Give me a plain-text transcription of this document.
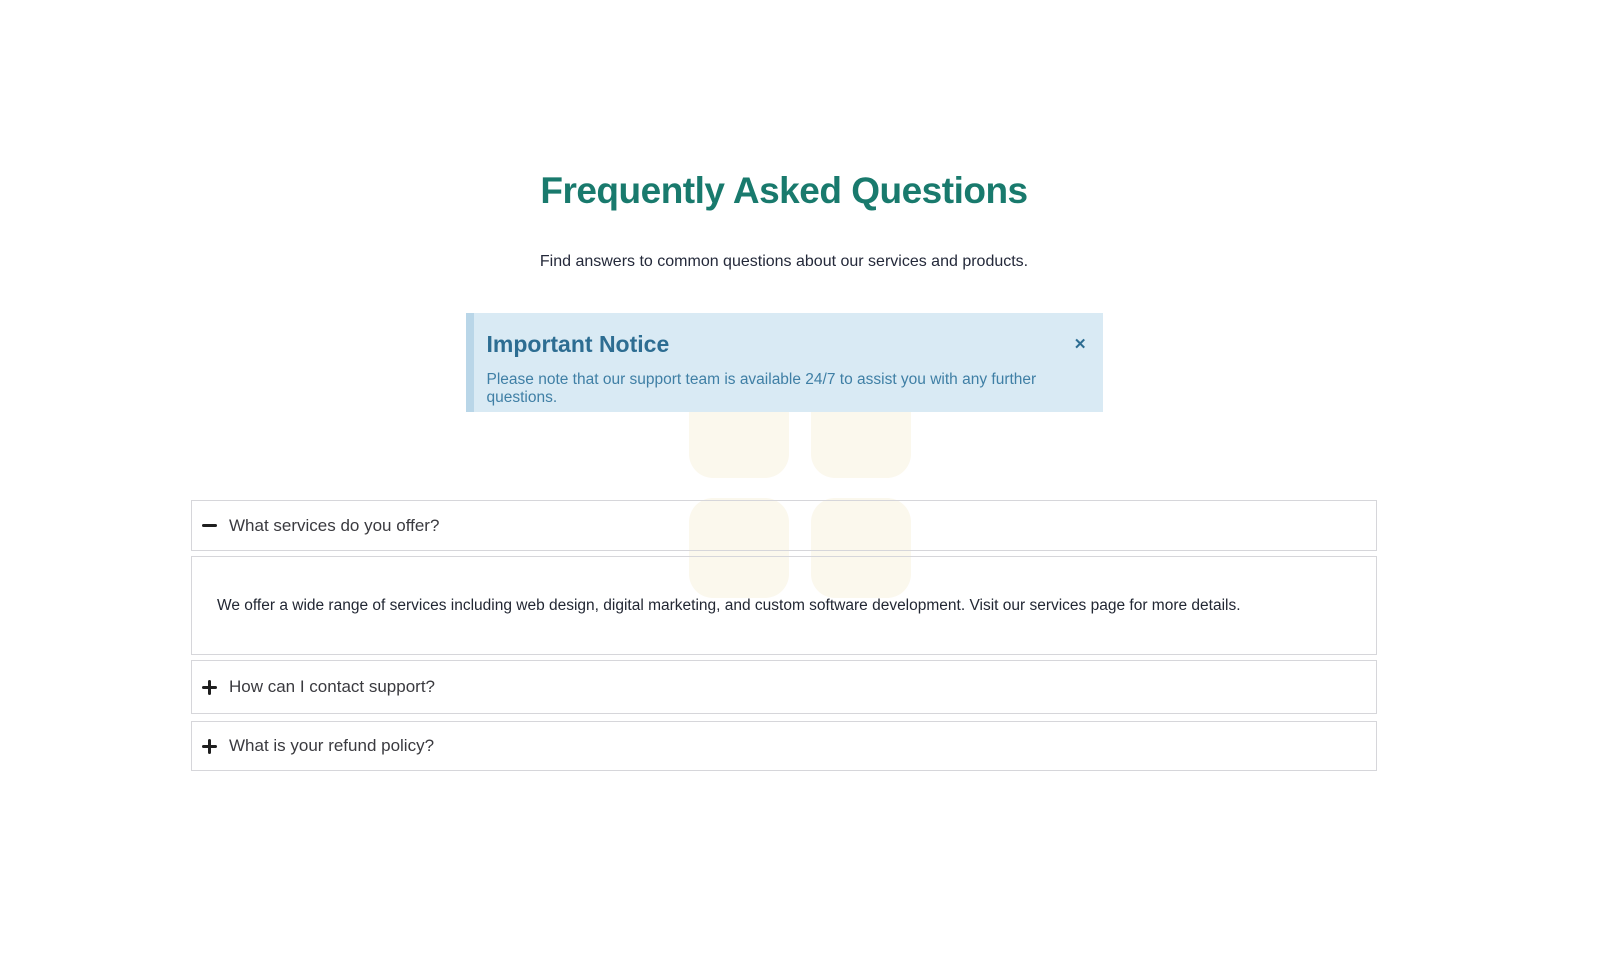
Frequently Asked Questions

Find answers to common questions about our services and products.

✕
Important Notice

Please note that our support team is available 24/7 to assist you with any further questions.

What services do you offer?
We offer a wide range of services including web design, digital marketing, and custom software development. Visit our services page for more details.
How can I contact support?
What is your refund policy?
